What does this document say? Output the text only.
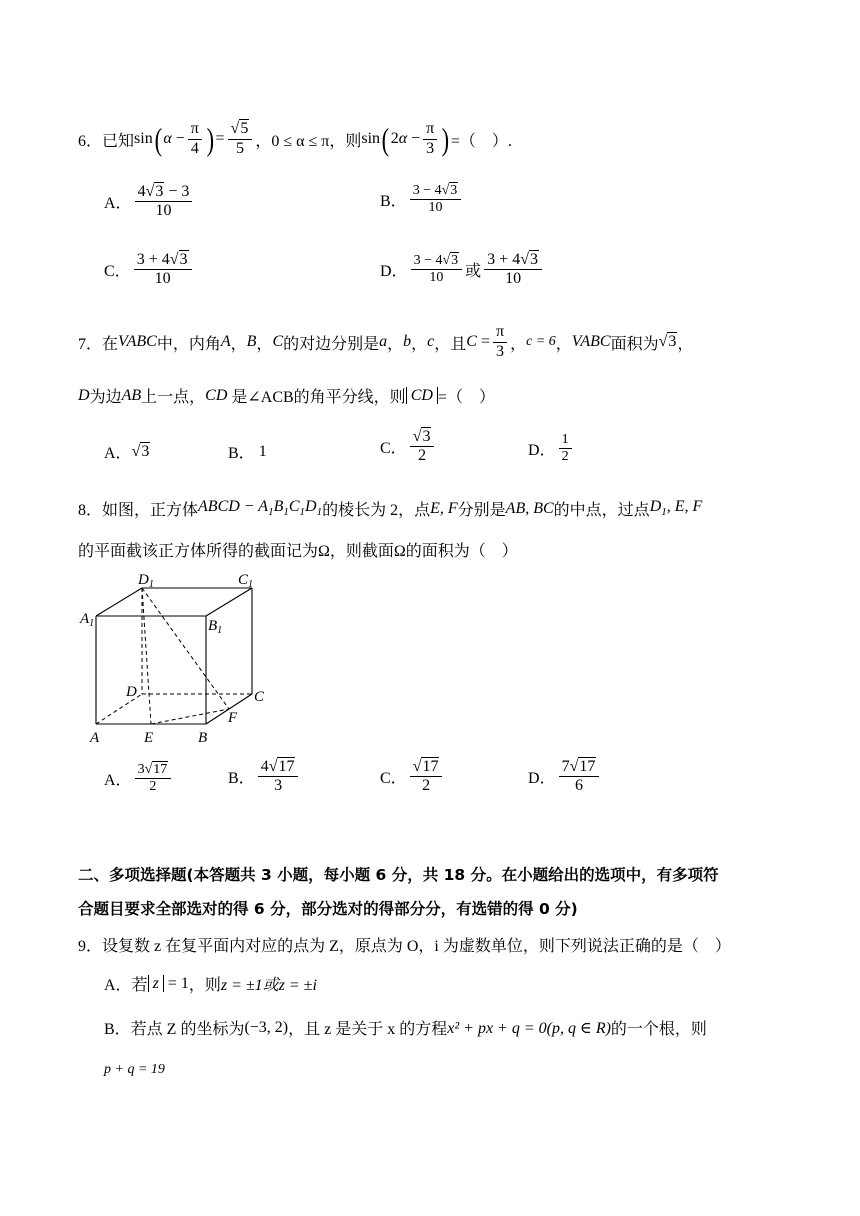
6．已知 sin ( $\alpha - \frac{\pi}{4}$ ) = $\frac{√5}{5}$ ，0 ≤ α ≤ π，则 sin ( 2 $\alpha - \frac{\pi}{3}$ ) =（　）.
A． $\frac{4√3 - 3}{10}$	B． $\frac{3 - 4√3}{10}$
C． $\frac{3 + 4√3}{10}$	D． $\frac{3 - 4√3}{10}$ 或 $\frac{3 + 4√3}{10}$
7．在 VABC 中，内角 A ， B ， C 的对边分别是 a ， b ， c ，且 $C = \frac{\pi}{3}$ ， c = 6 ， VABC 面积为 √3 ，
D 为边 AB 上一点， CD
是∠ACB的角平分线，则 CD =（　）
A． √3	B．
1	C． $\frac{√3}{2}$	D． $\frac{1}{2}$
8．如图，正方体 ABCD − $A_1B_1C_1D_1$ 的棱长为 2，点 E, F 分别是 AB, BC 的中点，过点 $D_1$, E, F
的平面截该正方体所得的截面记为Ω，则截面Ω的面积为（　）
$D_1$	$C_1$
$A_1$	$B_1$
D	C
A	E	B
F
A． $\frac{3√17}{2}$	B． $\frac{4√17}{3}$	C． $\frac{√17}{2}$	D． $\frac{7√17}{6}$
二、多项选择题(本答题共 3 小题，每小题 6 分，共 18 分。在小题给出的选项中，有多项符
合题目要求全部选对的得 6 分，部分选对的得部分分，有选错的得 0 分)
9．设复数 z 在复平面内对应的点为 Z，原点为 O，i 为虚数单位，则下列说法正确的是（　）
A．若 z = 1 ，则 z = ±1或z = ±i
B．若点 Z 的坐标为 (−3, 2) ，且 z 是关于 x 的方程 x² + px + q = 0(p, q ∈ R) 的一个根，则
p + q = 19
